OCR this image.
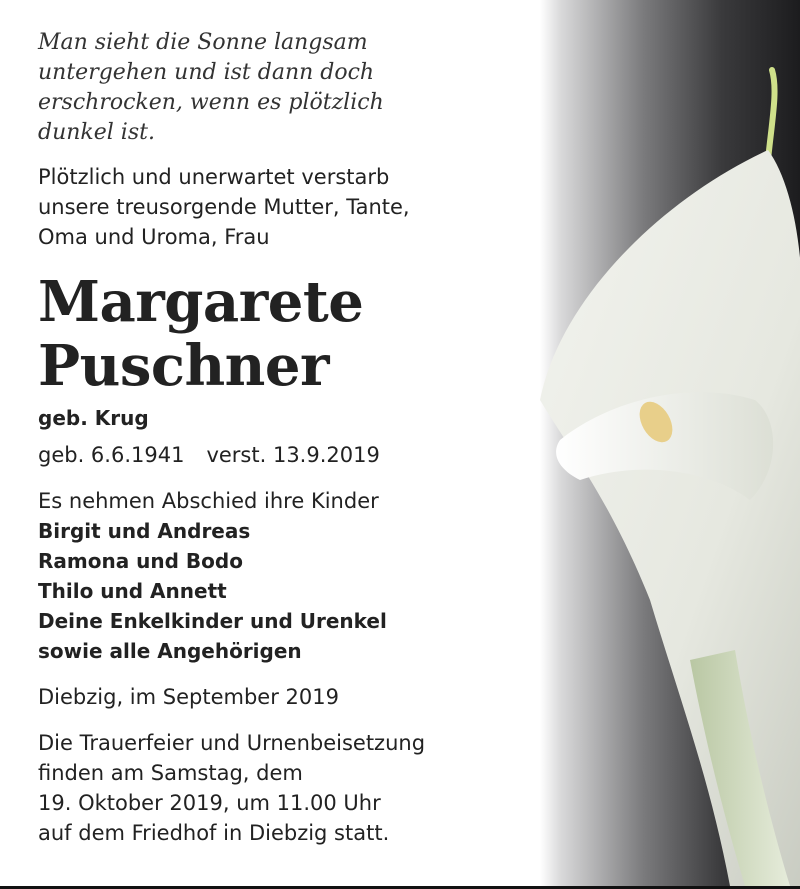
Man sieht die Sonne langsam
untergehen und ist dann doch
erschrocken, wenn es plötzlich
dunkel ist.

Plötzlich und unerwartet verstarb
unsere treusorgende Mutter, Tante,
Oma und Uroma, Frau

Margarete
Puschner

geb. Krug

geb. 6.6.1941 verst. 13.9.2019

Es nehmen Abschied ihre Kinder
Birgit und Andreas
Ramona und Bodo
Thilo und Annett
Deine Enkelkinder und Urenkel
sowie alle Angehörigen

Diebzig, im September 2019

Die Trauerfeier und Urnenbeisetzung
finden am Samstag, dem
19. Oktober 2019, um 11.00 Uhr
auf dem Friedhof in Diebzig statt.
